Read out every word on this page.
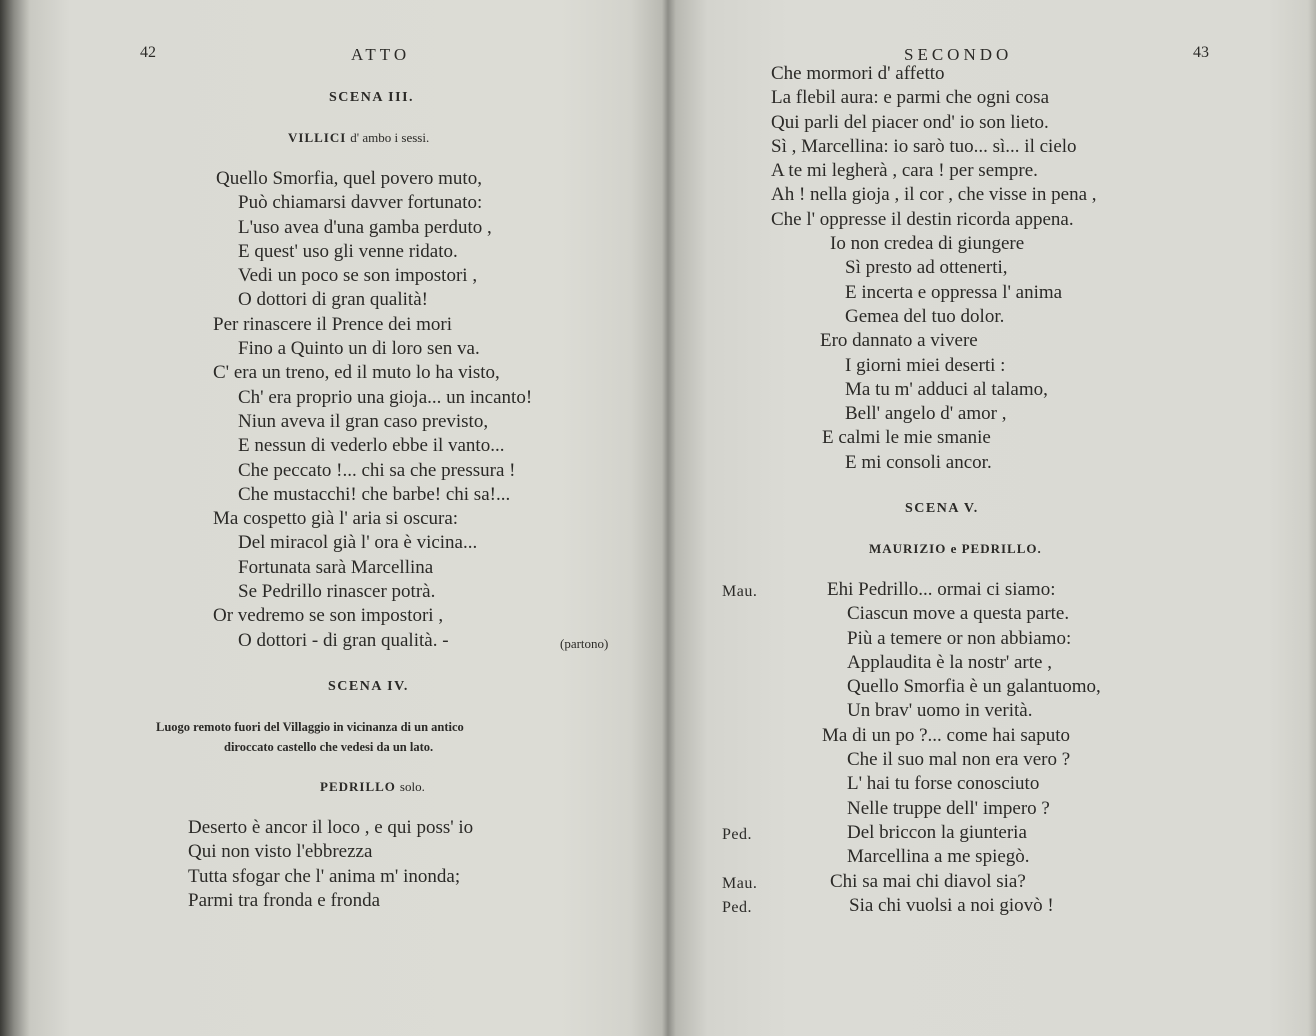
42	ATTO
SCENA III.
VILLICI d' ambo i sessi.
Quello Smorfia, quel povero muto,
Può chiamarsi davver fortunato:
L'uso avea d'una gamba perduto ,
E quest' uso gli venne ridato.
Vedi un poco se son impostori ,
O dottori di gran qualità!
Per rinascere il Prence dei mori
Fino a Quinto un di loro sen va.
C' era un treno, ed il muto lo ha visto,
Ch' era proprio una gioja... un incanto!
Niun aveva il gran caso previsto,
E nessun di vederlo ebbe il vanto...
Che peccato !... chi sa che pressura !
Che mustacchi! che barbe! chi sa!...
Ma cospetto già l' aria si oscura:
Del miracol già l' ora è vicina...
Fortunata sarà Marcellina
Se Pedrillo rinascer potrà.
Or vedremo se son impostori ,
O dottori - di gran qualità. -	(partono)
SCENA IV.
Luogo remoto fuori del Villaggio in vicinanza di un antico
diroccato castello che vedesi da un lato.
PEDRILLO solo.
Deserto è ancor il loco , e qui poss' io
Qui non visto l'ebbrezza
Tutta sfogar che l' anima m' inonda;
Parmi tra fronda e fronda
SECONDO	43
Che mormori d' affetto
La flebil aura: e parmi che ogni cosa
Qui parli del piacer ond' io son lieto.
Sì , Marcellina: io sarò tuo... sì... il cielo
A te mi legherà , cara ! per sempre.
Ah ! nella gioja , il cor , che visse in pena ,
Che l' oppresse il destin ricorda appena.
Io non credea di giungere
Sì presto ad ottenerti,
E incerta e oppressa l' anima
Gemea del tuo dolor.
Ero dannato a vivere
I giorni miei deserti :
Ma tu m' adduci al talamo,
Bell' angelo d' amor ,
E calmi le mie smanie
E mi consoli ancor.
SCENA V.
MAURIZIO e PEDRILLO.
Mau.	Ehi Pedrillo... ormai ci siamo:
Ciascun move a questa parte.
Più a temere or non abbiamo:
Applaudita è la nostr' arte ,
Quello Smorfia è un galantuomo,
Un brav' uomo in verità.
Ma di un po ?... come hai saputo
Che il suo mal non era vero ?
L' hai tu forse conosciuto
Nelle truppe dell' impero ?
Ped.	Del briccon la giunteria
Marcellina a me spiegò.
Mau.	Chi sa mai chi diavol sia?
Ped.	Sia chi vuolsi a noi giovò !
